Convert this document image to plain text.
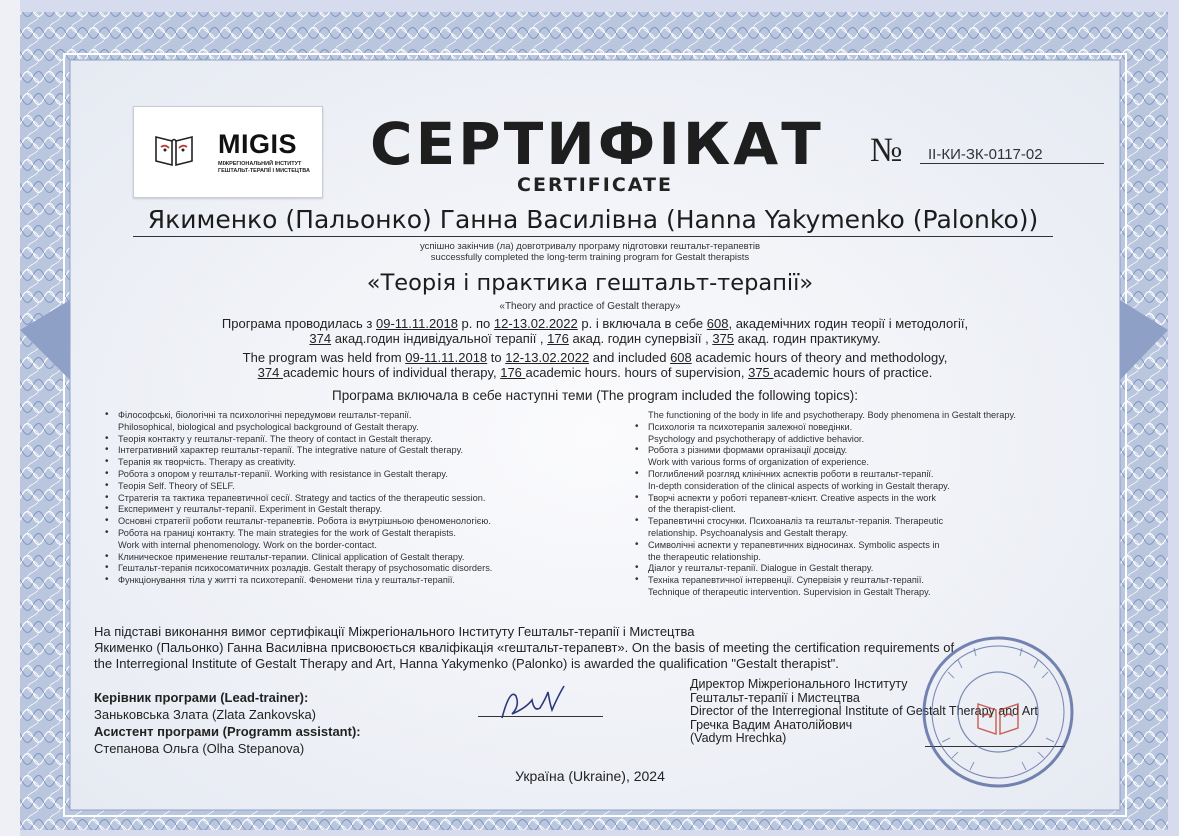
MIGIS
МІЖРЕГІОНАЛЬНИЙ ІНСТИТУТ ГЕШТАЛЬТ-ТЕРАПІЇ І МИСТЕЦТВА СЕРТИФІКАТ
CERTIFICATE
№	ІІ-КИ-ЗК-0117-02
Якименко (Пальонко) Ганна Василівна (Hanna Yakymenko (Palonko))
успішно закінчив (ла) довготривалу програму підготовки гештальт-терапевтів
successfully completed the long-term training program for Gestalt therapists
«Теорія і практика гештальт-терапії»
«Theory and practice of Gestalt therapy»
Програма проводилась з 09-11.11.2018 р. по 12-13.02.2022 р. і включала в себе 608, академічних годин теорії і методології,
374 акад.годин індивідуальної терапії , 176 акад. годин супервізії , 375 акад. годин практикуму.
The program was held from 09-11.11.2018 to 12-13.02.2022 and included 608 academic hours of theory and methodology,
374 academic hours of individual therapy, 176 academic hours. hours of supervision, 375 academic hours of practice.
Програма включала в себе наступні теми (The program included the following topics):
• Філософські, біологічні та психологічні передумови гештальт-терапії.
Philosophical, biological and psychological background of Gestalt therapy.
• Теорія контакту у гештальт-терапії. The theory of contact in Gestalt therapy.
• Інтегративний характер гештальт-терапії. The integrative nature of Gestalt therapy.
• Терапія як творчість. Therapy as creativity.
• Робота з опором у гештальт-терапії. Working with resistance in Gestalt therapy.
• Теорія Self. Theory of SELF.
• Стратегія та тактика терапевтичної сесії. Strategy and tactics of the therapeutic session.
• Експеримент у гештальт-терапії. Experiment in Gestalt therapy.
• Основні стратегії роботи гештальт-терапевтів. Робота із внутрішньою феноменологією.
• Робота на границі контакту. The main strategies for the work of Gestalt therapists.
Work with internal phenomenology. Work on the border-contact.
• Клиническое применение гештальт-терапии. Clinical application of Gestalt therapy.
• Гештальт-терапія психосоматичних розладів. Gestalt therapy of psychosomatic disorders.
• Функціонування тіла у житті та психотерапії. Феномени тіла у гештальт-терапії.
The functioning of the body in life and psychotherapy. Body phenomena in Gestalt therapy.
• Психологія та психотерапія залежної поведінки.
Psychology and psychotherapy of addictive behavior.
• Робота з різними формами організації досвіду.
Work with various forms of organization of experience.
• Поглиблений розгляд клінічних аспектів роботи в гештальт-терапії.
In-depth consideration of the clinical aspects of working in Gestalt therapy.
• Творчі аспекти у роботі терапевт-клієнт. Creative aspects in the work
of the therapist-client.
• Терапевтичні стосунки. Психоаналіз та гештальт-терапія. Therapeutic
relationship. Psychoanalysis and Gestalt therapy.
• Символічні аспекти у терапевтичних відносинах. Symbolic aspects in
the therapeutic relationship.
• Діалог у гештальт-терапії. Dialogue in Gestalt therapy.
• Техніка терапевтичної інтервенції. Супервізія у гештальт-терапії.
Technique of therapeutic intervention. Supervision in Gestalt Therapy.
На підставі виконання вимог сертифікації Міжрегіонального Інституту Гештальт-терапії і Мистецтва
Якименко (Пальонко) Ганна Василівна присвоюється кваліфікація «гештальт-терапевт». On the basis of meeting the certification requirements of
the Interregional Institute of Gestalt Therapy and Art, Hanna Yakymenko (Palonko) is awarded the qualification "Gestalt therapist".
Керівник програми (Lead-trainer):
Заньковська Злата (Zlata Zankovska)
Асистент програми (Programm assistant):
Степанова Ольга (Olha Stepanova)
Директор Міжрегіонального Інституту
Гештальт-терапії і Мистецтва
Director of the Interregional Institute of Gestalt Therapy and Art
Гречка Вадим Анатолійович
(Vadym Hrechka)
Україна (Ukraine), 2024
